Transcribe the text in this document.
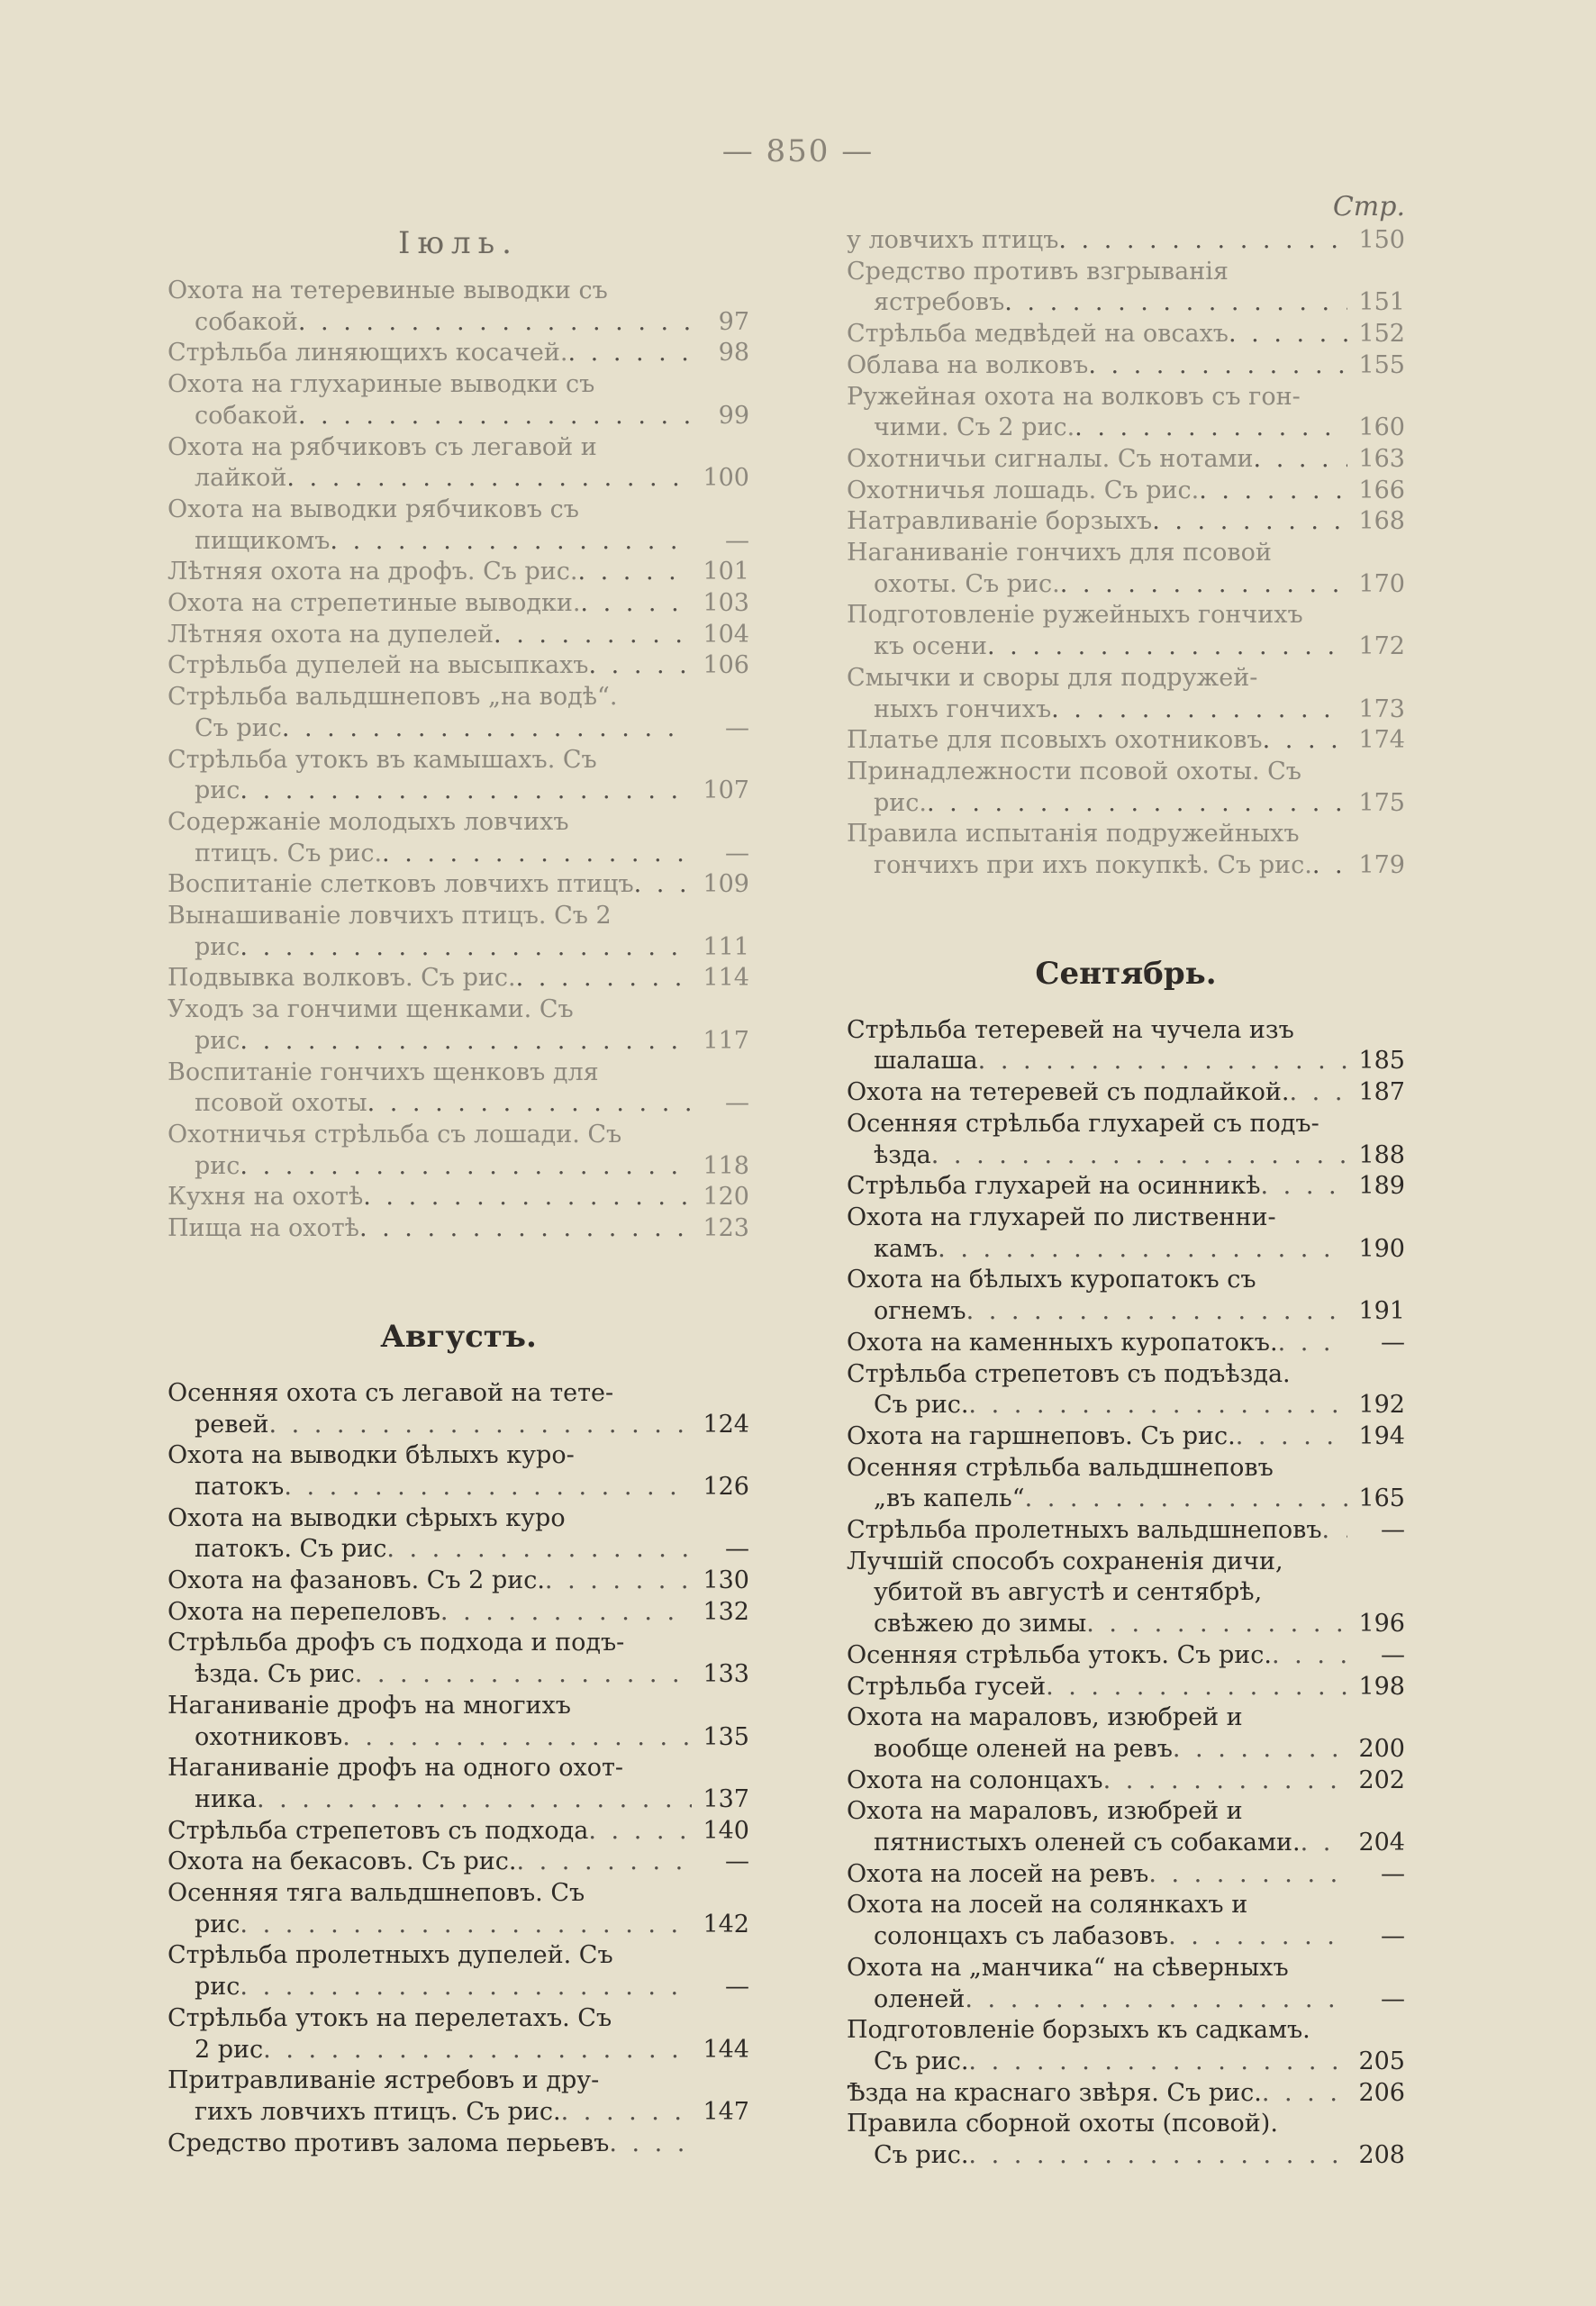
— 850 —
Іюль.
Охота на тетеревиные выводки съ
собакой . . .	97
Стрѣльба линяющихъ косачей. . . .	98
Охота на глухариные выводки съ
собакой . . .	99
Охота на рябчиковъ съ легавой и
лайкой . . .	100
Охота на выводки рябчиковъ съ
пищикомъ . . .	—
Лѣтняя охота на дрофъ. Съ рис. . . .	101
Охота на стрепетиные выводки. . . .	103
Лѣтняя охота на дупелей . . .	104
Стрѣльба дупелей на высыпкахъ . . .	106
Стрѣльба вальдшнеповъ „на водѣ“.
Съ рис . . .	—
Стрѣльба утокъ въ камышахъ. Съ
рис . . .	107
Содержаніе молодыхъ ловчихъ
птицъ. Съ рис. . . .	—
Воспитаніе слетковъ ловчихъ птицъ . . .	109
Вынашиваніе ловчихъ птицъ. Съ 2
рис . . .	111
Подвывка волковъ. Съ рис. . . .	114
Уходъ за гончими щенками. Съ
рис . . .	117
Воспитаніе гончихъ щенковъ для
псовой охоты . . .	—
Охотничья стрѣльба съ лошади. Съ
рис . . .	118
Кухня на охотѣ . . .	120
Пища на охотѣ . . .	123
Августъ.
Осенняя охота съ легавой на тете-
ревей . . .	124
Охота на выводки бѣлыхъ куро-
патокъ . . .	126
Охота на выводки сѣрыхъ куро
патокъ. Съ рис . . .	—
Охота на фазановъ. Съ 2 рис. . . .	130
Охота на перепеловъ . . .	132
Стрѣльба дрофъ съ подхода и подъ-
ѣзда. Съ рис . . .	133
Наганиваніе дрофъ на многихъ
охотниковъ . . .	135
Наганиваніе дрофъ на одного охот-
ника . . .	137
Стрѣльба стрепетовъ съ подхода . . .	140
Охота на бекасовъ. Съ рис. . . .	—
Осенняя тяга вальдшнеповъ. Съ
рис . . .	142
Стрѣльба пролетныхъ дупелей. Съ
рис . . .	—
Стрѣльба утокъ на перелетахъ. Съ
2 рис . . .	144
Притравливаніе ястребовъ и дру-
гихъ ловчихъ птицъ. Съ рис. . . .	147
Средство противъ залома перьевъ
. . .
Стр.
у ловчихъ птицъ . . .	150
Средство противъ взгрыванія
ястребовъ . . .	151
Стрѣльба медвѣдей на овсахъ . . .	152
Облава на волковъ . . .	155
Ружейная охота на волковъ съ гон-
чими. Съ 2 рис. . . .	160
Охотничьи сигналы. Съ нотами . . .	163
Охотничья лошадь. Съ рис. . . .	166
Натравливаніе борзыхъ . . .	168
Наганиваніе гончихъ для псовой
охоты. Съ рис. . . .	170
Подготовленіе ружейныхъ гончихъ
къ осени . . .	172
Смычки и своры для подружей-
ныхъ гончихъ . . .	173
Платье для псовыхъ охотниковъ . . .	174
Принадлежности псовой охоты. Съ
рис. . . .	175
Правила испытанія подружейныхъ
гончихъ при ихъ покупкѣ. Съ рис. . . .	179
Сентябрь.
Стрѣльба тетеревей на чучела изъ
шалаша . . .	185
Охота на тетеревей съ подлайкой. . . .	187
Осенняя стрѣльба глухарей съ подъ-
ѣзда . . .	188
Стрѣльба глухарей на осинникѣ . . .	189
Охота на глухарей по лиственни-
камъ . . .	190
Охота на бѣлыхъ куропатокъ съ
огнемъ . . .	191
Охота на каменныхъ куропатокъ. . . .	—
Стрѣльба стрепетовъ съ подъѣзда.
Съ рис. . . .	192
Охота на гаршнеповъ. Съ рис. . . .	194
Осенняя стрѣльба вальдшнеповъ
„въ капель“ . . .	165
Стрѣльба пролетныхъ вальдшнеповъ . . .	—
Лучшій способъ сохраненія дичи,
убитой въ августѣ и сентябрѣ,
свѣжею до зимы . . .	196
Осенняя стрѣльба утокъ. Съ рис. . . .	—
Стрѣльба гусей . . .	198
Охота на мараловъ, изюбрей и
вообще оленей на ревъ . . .	200
Охота на солонцахъ . . .	202
Охота на мараловъ, изюбрей и
пятнистыхъ оленей съ собаками. . . .	204
Охота на лосей на ревъ . . .	—
Охота на лосей на солянкахъ и
солонцахъ съ лабазовъ . . .	—
Охота на „манчика“ на сѣверныхъ
оленей . . .	—
Подготовленіе борзыхъ къ садкамъ.
Съ рис. . . .	205
Ѣзда на краснаго звѣря. Съ рис. . . .	206
Правила сборной охоты (псовой).
Съ рис. . . .	208
